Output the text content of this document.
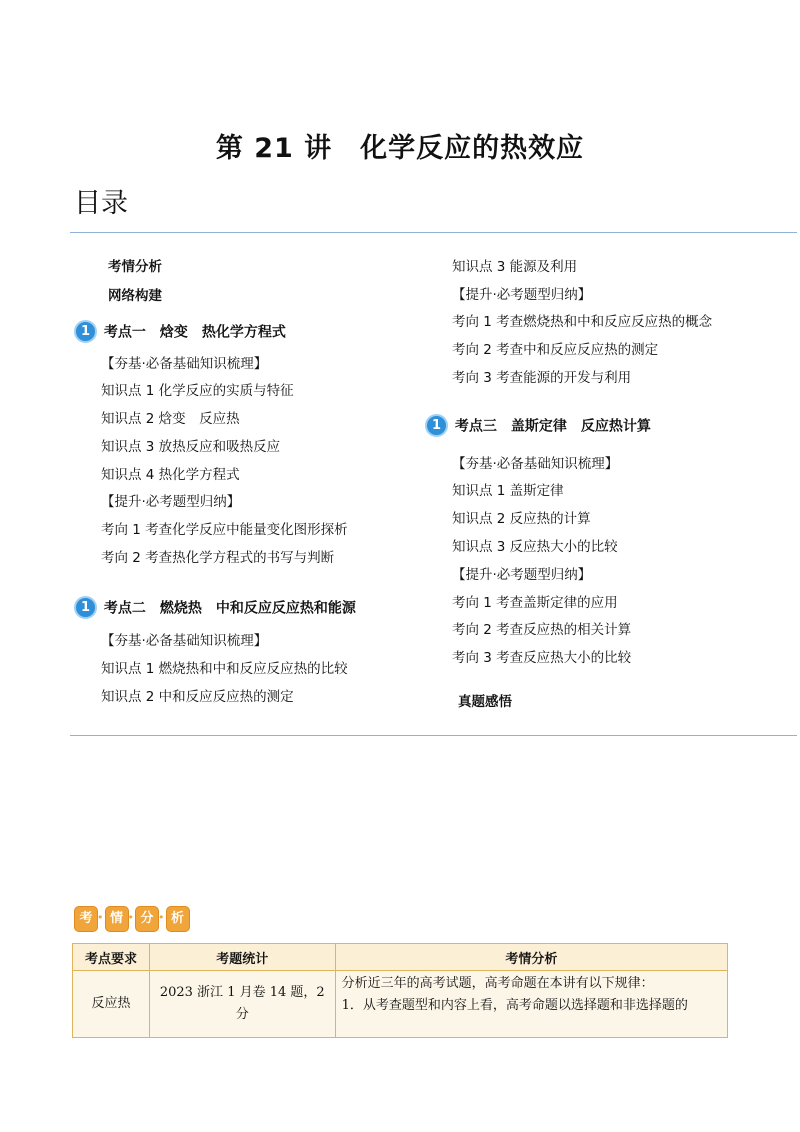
第 21 讲　化学反应的热效应
目录
考情分析
网络构建
1 考点一　焓变　热化学方程式
【夯基·必备基础知识梳理】
知识点 1 化学反应的实质与特征
知识点 2 焓变　反应热
知识点 3 放热反应和吸热反应
知识点 4 热化学方程式
【提升·必考题型归纳】
考向 1 考查化学反应中能量变化图形探析
考向 2 考查热化学方程式的书写与判断
1 考点二　燃烧热　中和反应反应热和能源
【夯基·必备基础知识梳理】
知识点 1 燃烧热和中和反应反应热的比较
知识点 2 中和反应反应热的测定
知识点 3 能源及利用
【提升·必考题型归纳】
考向 1 考查燃烧热和中和反应反应热的概念
考向 2 考查中和反应反应热的测定
考向 3 考查能源的开发与利用
1 考点三　盖斯定律　反应热计算
【夯基·必备基础知识梳理】
知识点 1 盖斯定律
知识点 2 反应热的计算
知识点 3 反应热大小的比较
【提升·必考题型归纳】
考向 1 考查盖斯定律的应用
考向 2 考查反应热的相关计算
考向 3 考查反应热大小的比较
真题感悟
考 • 情 • 分 • 析
考点要求	考题统计	考情分析
反应热	2023 浙江 1 月卷 14 题，2 分	分析近三年的高考试题，高考命题在本讲有以下规律：
1．从考查题型和内容上看，高考命题以选择题和非选择题的
